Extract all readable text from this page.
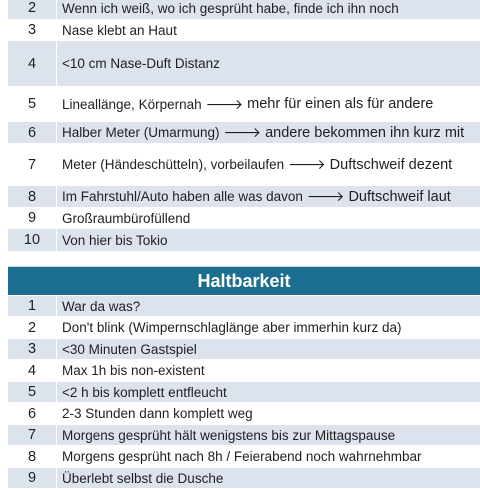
2	Wenn ich weiß, wo ich gesprüht habe, finde ich ihn noch
3	Nase klebt an Haut
4	<10 cm Nase-Duft Distanz
5	Lineallänge, Körpernah 🡒 mehr für einen als für andere
6	Halber Meter (Umarmung) 🡒 andere bekommen ihn kurz mit
7	Meter (Händeschütteln), vorbeilaufen 🡒 Duftschweif dezent
8	Im Fahrstuhl/Auto haben alle was davon 🡒 Duftschweif laut
9	Großraumbürofüllend
10	Von hier bis Tokio
Haltbarkeit
1	War da was?
2	Don't blink (Wimpernschlaglänge aber immerhin kurz da)
3	<30 Minuten Gastspiel
4	Max 1h bis non-existent
5	<2 h bis komplett entfleucht
6	2-3 Stunden dann komplett weg
7	Morgens gesprüht hält wenigstens bis zur Mittagspause
8	Morgens gesprüht nach 8h / Feierabend noch wahrnehmbar
9	Überlebt selbst die Dusche
